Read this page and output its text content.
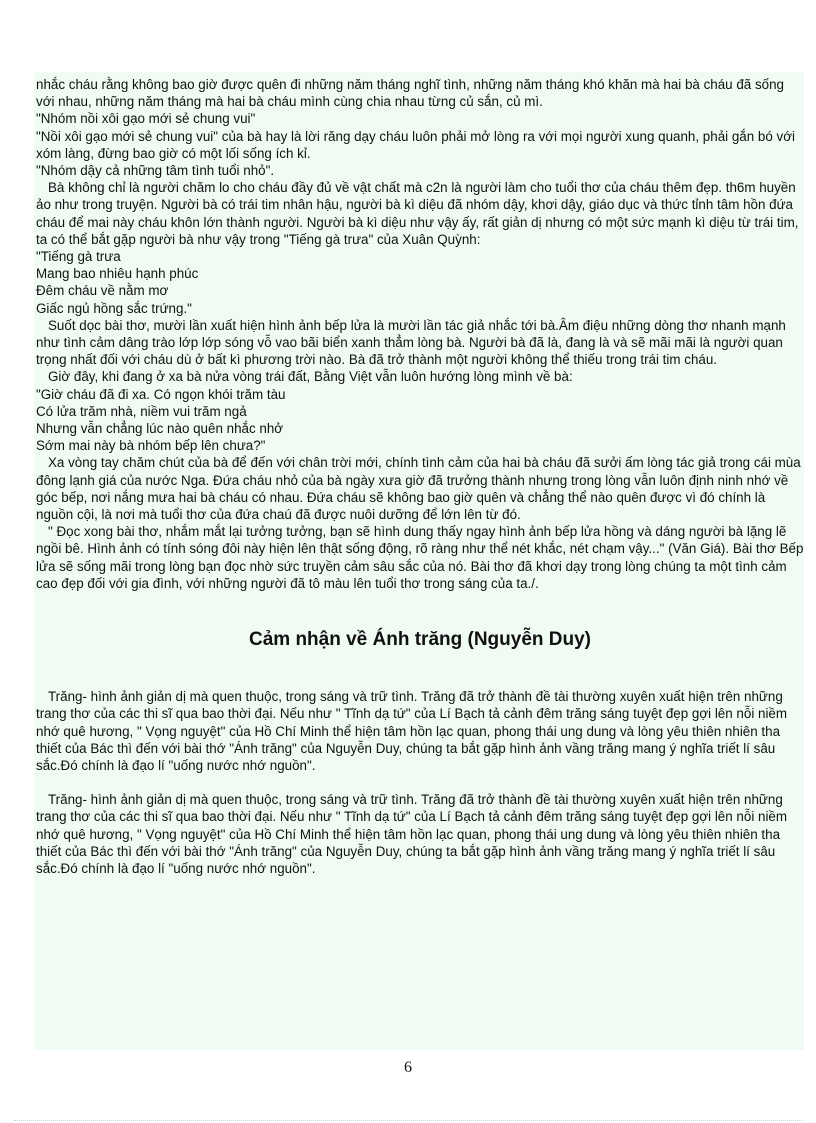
nhắc cháu rằng không bao giờ được quên đi những năm tháng nghĩ tình, những năm tháng khó khăn mà hai bà cháu đã sống với nhau, những năm tháng mà hai bà cháu mình cùng chia nhau từng củ sắn, củ mì.

"Nhóm nồi xôi gạo mới sẻ chung vui"

"Nồi xôi gạo mới sẻ chung vui" của bà hay là lời răng dạy cháu luôn phải mở lòng ra với mọi người xung quanh, phải gắn bó với xóm làng, đừng bao giờ có một lối sống ích kỉ.

"Nhóm dậy cả những tâm tình tuổi nhỏ".

Bà không chỉ là người chăm lo cho cháu đầy đủ về vật chất mà c2n là người làm cho tuổi thơ của cháu thêm đẹp. th6m huyền ảo như trong truyện. Người bà có trái tim nhân hậu, người bà kì diệu đã nhóm dậy, khơi dậy, giáo dục và thức tỉnh tâm hồn đứa cháu để mai này cháu khôn lớn thành người. Người bà kì diệu như vậy ấy, rất giản dị nhưng có một sức mạnh kì diệu từ trái tim, ta có thể bắt gặp người bà như vậy trong "Tiếng gà trưa" của Xuân Quỳnh:

"Tiếng gà trưa

Mang bao nhiêu hạnh phúc

Đêm cháu về nằm mơ

Giấc ngủ hồng sắc trứng."

Suốt dọc bài thơ, mười lần xuất hiện hình ảnh bếp lửa là mười lần tác giả nhắc tới bà.Âm điệu những dòng thơ nhanh mạnh như tình cảm dâng trào lớp lớp sóng vỗ vao bãi biển xanh thẳm lòng bà. Người bà đã là, đang là và sẽ mãi mãi là người quan trọng nhất đối với cháu dù ở bất kì phương trời nào. Bà đã trở thành một người không thể thiếu trong trái tim cháu.

Giờ đây, khi đang ở xa bà nửa vòng trái đất, Bằng Việt vẫn luôn hướng lòng mình về bà:

"Giờ cháu đã đi xa. Có ngọn khói trăm tàu

Có lửa trăm nhà, niềm vui trăm ngả

Nhưng vẫn chẳng lúc nào quên nhắc nhở

Sớm mai này bà nhóm bếp lên chưa?"

Xa vòng tay chăm chút của bà để đến với chân trời mới, chính tình cảm của hai bà cháu đã sưởi ấm lòng tác giả trong cái mùa đông lạnh giá của nước Nga. Đứa cháu nhỏ của bà ngày xưa giờ đã trưởng thành nhưng trong lòng vẫn luôn định ninh nhớ về góc bếp, nơi nắng mưa hai bà cháu có nhau. Đứa cháu sẽ không bao giờ quên và chẳng thể nào quên được vì đó chính là nguồn cội, là nơi mà tuổi thơ của đứa chaú đã được nuôi dưỡng để lớn lên từ đó.

" Đọc xong bài thơ, nhắm mắt lại tưởng tưởng, bạn sẽ hình dung thấy ngay hình ảnh bếp lửa hồng và dáng người bà lặng lẽ ngồi bê. Hình ảnh có tính sóng đôi này hiện lên thật sống động, rõ ràng như thể nét khắc, nét chạm vậy..." (Văn Giá). Bài thơ Bếp lửa sẽ sống mãi trong lòng bạn đọc nhờ sức truyền cảm sâu sắc của nó. Bài thơ đã khơi dạy trong lòng chúng ta một tình cảm cao đẹp đối với gia đình, với những người đã tô màu lên tuổi thơ trong sáng của ta./.

Cảm nhận về Ánh trăng (Nguyễn Duy)

Trăng- hình ảnh giản dị mà quen thuộc, trong sáng và trữ tình. Trăng đã trở thành đề tài thường xuyên xuất hiện trên những trang thơ của các thi sĩ qua bao thời đại. Nếu như " Tĩnh dạ tứ" của Lí Bạch tả cảnh đêm trăng sáng tuyệt đẹp gợi lên nỗi niềm nhớ quê hương, " Vọng nguyệt" của Hồ Chí Minh thể hiện tâm hồn lạc quan, phong thái ung dung và lòng yêu thiên nhiên tha thiết của Bác thì đến với bài thớ "Ánh trăng" của Nguyễn Duy, chúng ta bắt gặp hình ảnh vầng trăng mang ý nghĩa triết lí sâu sắc.Đó chính là đạo lí "uống nước nhớ nguồn".

Trăng- hình ảnh giản dị mà quen thuộc, trong sáng và trữ tình. Trăng đã trở thành đề tài thường xuyên xuất hiện trên những trang thơ của các thi sĩ qua bao thời đại. Nếu như " Tĩnh dạ tứ" của Lí Bạch tả cảnh đêm trăng sáng tuyệt đẹp gợi lên nỗi niềm nhớ quê hương, " Vọng nguyệt" của Hồ Chí Minh thể hiện tâm hồn lạc quan, phong thái ung dung và lòng yêu thiên nhiên tha thiết của Bác thì đến với bài thớ "Ánh trăng" của Nguyễn Duy, chúng ta bắt gặp hình ảnh vầng trăng mang ý nghĩa triết lí sâu sắc.Đó chính là đạo lí "uống nước nhớ nguồn".

6
